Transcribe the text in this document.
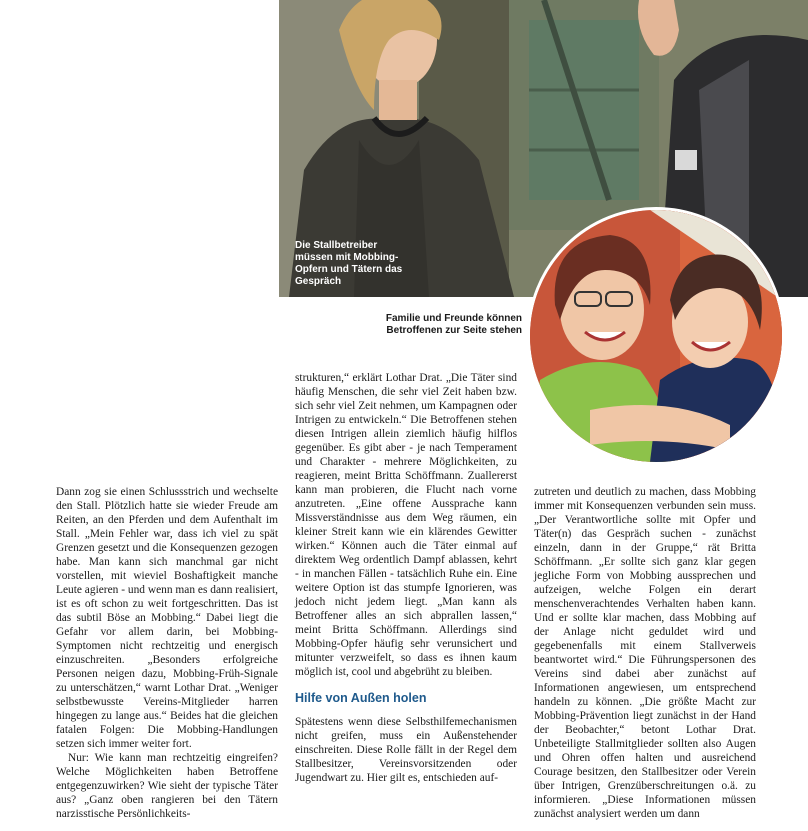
Die Stallbetreiber müssen mit Mobbing-Opfern und Tätern das Gespräch
Familie und Freunde können Betroffenen zur Seite stehen

Dann zog sie einen Schlussstrich und wechselte den Stall. Plötzlich hatte sie wieder Freude am Reiten, an den Pferden und dem Aufenthalt im Stall. „Mein Fehler war, dass ich viel zu spät Grenzen gesetzt und die Konsequenzen gezogen habe. Man kann sich manchmal gar nicht vorstellen, mit wieviel Boshaftigkeit manche Leute agieren - und wenn man es dann realisiert, ist es oft schon zu weit fortgeschritten. Das ist das subtil Böse an Mobbing.“ Dabei liegt die Gefahr vor allem darin, bei Mobbing-Symptomen nicht rechtzeitig und energisch einzuschreiten. „Besonders erfolgreiche Personen neigen dazu, Mobbing-Früh-Signale zu unterschätzen,“ warnt Lothar Drat. „Weniger selbstbewusste Vereins-Mitglieder harren hingegen zu lange aus.“ Beides hat die gleichen fatalen Folgen: Die Mobbing-Handlungen setzen sich immer weiter fort.

Nur: Wie kann man rechtzeitig eingreifen? Welche Möglichkeiten haben Betroffene entgegenzuwirken? Wie sieht der typische Täter aus? „Ganz oben rangieren bei den Tätern narzisstische Persönlichkeits-

strukturen,“ erklärt Lothar Drat. „Die Täter sind häufig Menschen, die sehr viel Zeit haben bzw. sich sehr viel Zeit nehmen, um Kampagnen oder Intrigen zu entwickeln.“ Die Betroffenen stehen diesen Intrigen allein ziemlich häufig hilflos gegenüber. Es gibt aber - je nach Temperament und Charakter - mehrere Möglichkeiten, zu reagieren, meint Britta Schöffmann. Zuallererst kann man probieren, die Flucht nach vorne anzutreten. „Eine offene Aussprache kann Missverständnisse aus dem Weg räumen, ein kleiner Streit kann wie ein klärendes Gewitter wirken.“ Können auch die Täter einmal auf direktem Weg ordentlich Dampf ablassen, kehrt - in manchen Fällen - tatsächlich Ruhe ein. Eine weitere Option ist das stumpfe Ignorieren, was jedoch nicht jedem liegt. „Man kann als Betroffener alles an sich abprallen lassen,“ meint Britta Schöffmann. Allerdings sind Mobbing-Opfer häufig sehr verunsichert und mitunter verzweifelt, so dass es ihnen kaum möglich ist, cool und abgebrüht zu bleiben.

Hilfe von Außen holen

Spätestens wenn diese Selbsthilfemechanismen nicht greifen, muss ein Außenstehender einschreiten. Diese Rolle fällt in der Regel dem Stallbesitzer, Vereinsvorsitzenden oder Jugendwart zu. Hier gilt es, entschieden auf-

zutreten und deutlich zu machen, dass Mobbing immer mit Konsequenzen verbunden sein muss. „Der Verantwortliche sollte mit Opfer und Täter(n) das Gespräch suchen - zunächst einzeln, dann in der Gruppe,“ rät Britta Schöffmann. „Er sollte sich ganz klar gegen jegliche Form von Mobbing aussprechen und aufzeigen, welche Folgen ein derart menschenverachtendes Verhalten haben kann. Und er sollte klar machen, dass Mobbing auf der Anlage nicht geduldet wird und gegebenenfalls mit einem Stallverweis beantwortet wird.“ Die Führungspersonen des Vereins sind dabei aber zunächst auf Informationen angewiesen, um entsprechend handeln zu können. „Die größte Macht zur Mobbing-Prävention liegt zunächst in der Hand der Beobachter,“ betont Lothar Drat. Unbeteiligte Stallmitglieder sollten also Augen und Ohren offen halten und ausreichend Courage besitzen, den Stallbesitzer oder Verein über Intrigen, Grenzüberschreitungen o.ä. zu informieren. „Diese Informationen müssen zunächst analysiert werden um dann
